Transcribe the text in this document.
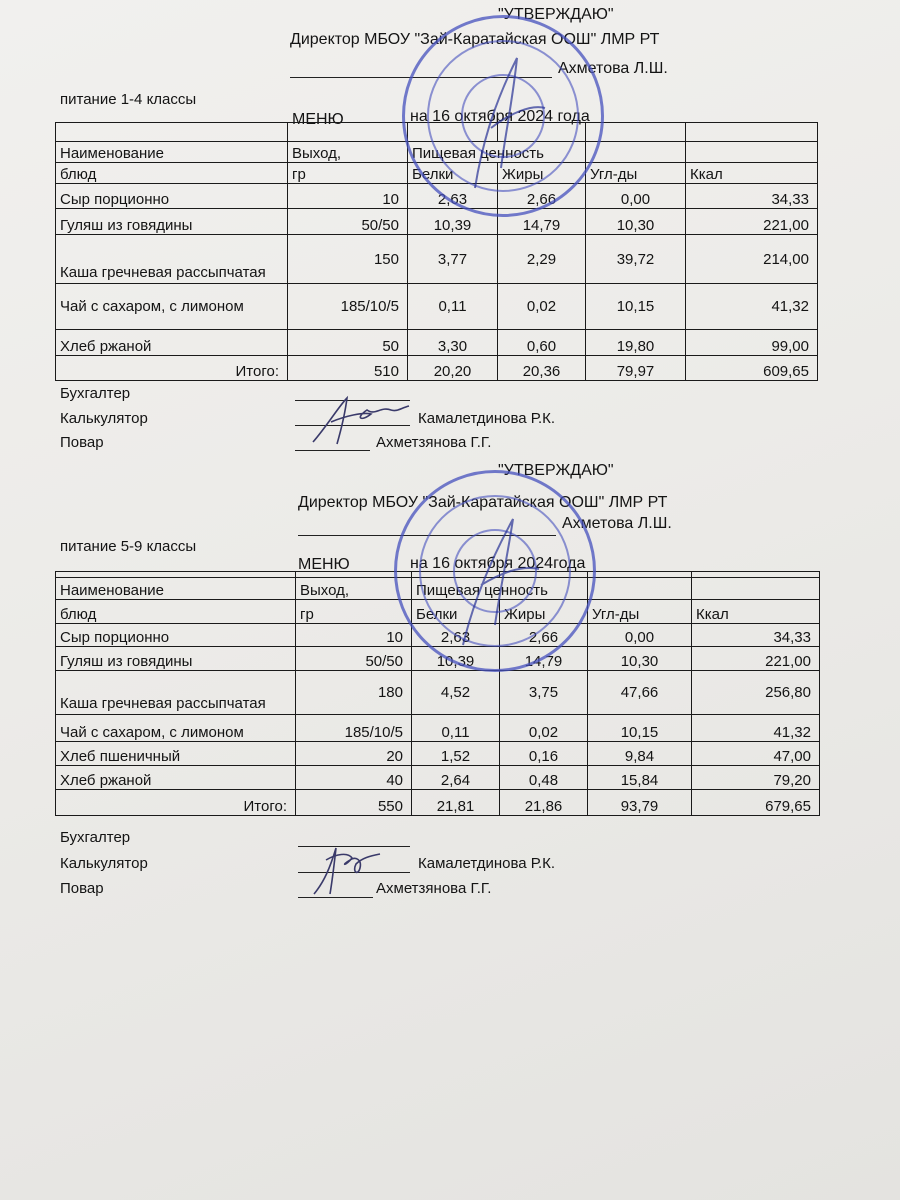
"УТВЕРЖДАЮ"
Директор МБОУ "Зай-Каратайская ООШ" ЛМР РТ
Ахметова Л.Ш.
питание 1-4 классы
МЕНЮ	на 16 октября 2024 года

Наименование	Выход,	Пищевая ценность			
блюд	гр	Белки	Жиры	Угл-ды	Ккал
Сыр порционно	10	2,63	2,66	0,00	34,33
Гуляш из говядины	50/50	10,39	14,79	10,30	221,00
Каша гречневая рассыпчатая	150	3,77	2,29	39,72	214,00
Чай с сахаром, с лимоном	185/10/5	0,11	0,02	10,15	41,32
Хлеб ржаной	50	3,30	0,60	19,80	99,00
Итого:	510	20,20	20,36	79,97	609,65
Бухгалтер
Калькулятор	Камалетдинова Р.К.
Повар	Ахметзянова Г.Г.
"УТВЕРЖДАЮ"
Директор МБОУ "Зай-Каратайская ООШ" ЛМР РТ
Ахметова Л.Ш.
питание 5-9 классы
МЕНЮ	на 16 октября 2024года

Наименование	Выход,	Пищевая ценность			
блюд	гр	Белки	Жиры	Угл-ды	Ккал
Сыр порционно	10	2,63	2,66	0,00	34,33
Гуляш из говядины	50/50	10,39	14,79	10,30	221,00
Каша гречневая рассыпчатая	180	4,52	3,75	47,66	256,80
Чай с сахаром, с лимоном	185/10/5	0,11	0,02	10,15	41,32
Хлеб пшеничный	20	1,52	0,16	9,84	47,00
Хлеб ржаной	40	2,64	0,48	15,84	79,20
Итого:	550	21,81	21,86	93,79	679,65
Бухгалтер
Калькулятор	Камалетдинова Р.К.
Повар	Ахметзянова Г.Г.
